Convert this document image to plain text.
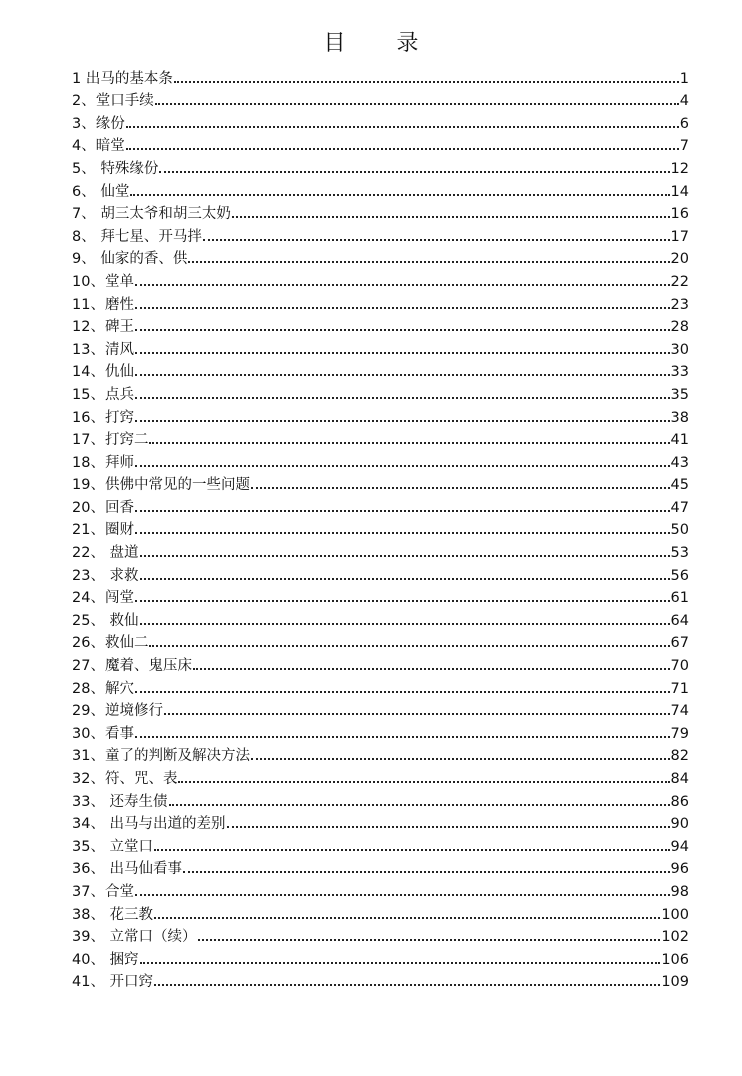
目 录
1 出马的基本条	1
2、堂口手续	4
3、缘份	6
4、暗堂	7
5、 特殊缘份	12
6、 仙堂	14
7、 胡三太爷和胡三太奶	16
8、 拜七星、开马拌	17
9、 仙家的香、供	20
10、堂单	22
11、磨性	23
12、碑王	28
13、清风	30
14、仇仙	33
15、点兵	35
16、打窍	38
17、打窍二	41
18、拜师	43
19、供佛中常见的一些问题	45
20、回香	47
21、圈财	50
22、 盘道	53
23、 求救	56
24、闯堂	61
25、 救仙	64
26、救仙二	67
27、魔着、鬼压床	70
28、解穴	71
29、逆境修行	74
30、看事	79
31、童了的判断及解决方法	82
32、符、咒、表	84
33、 还寿生债	86
34、 出马与出道的差别	90
35、 立堂口	94
36、 出马仙看事	96
37、合堂	98
38、 花三教	100
39、 立常口（续）	102
40、 捆窍	106
41、 开口窍	109
